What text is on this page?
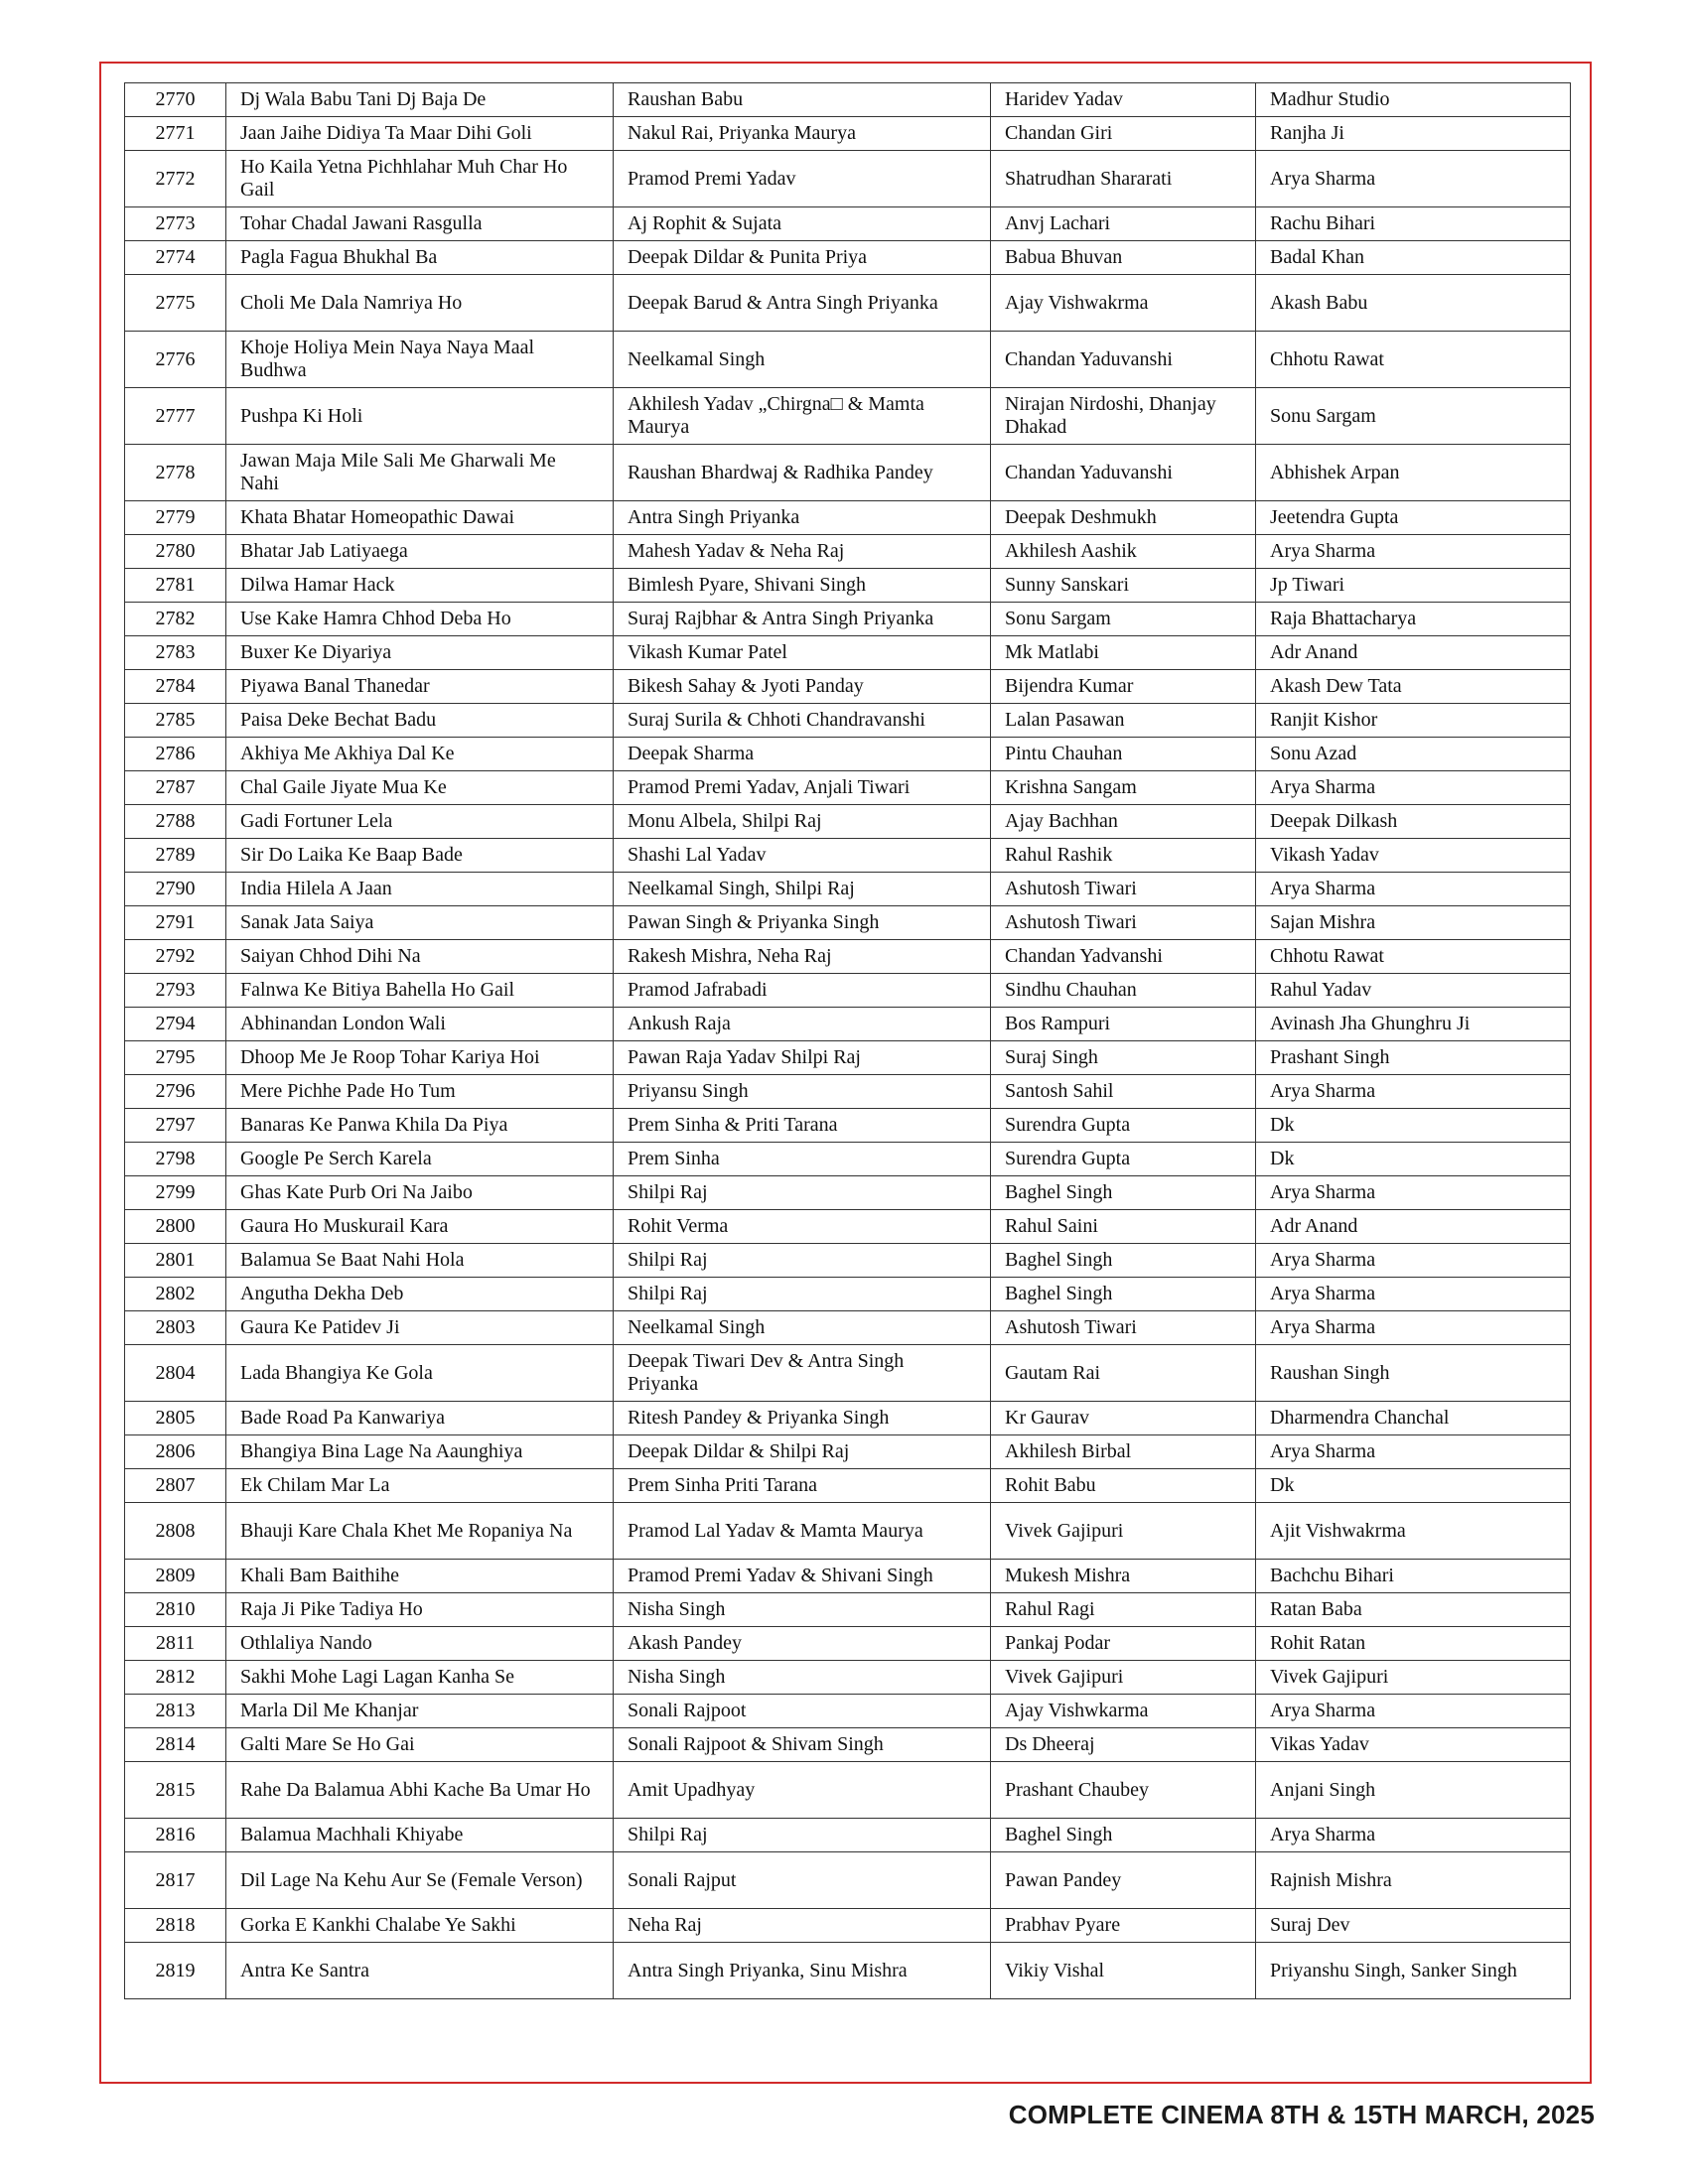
2770	Dj Wala Babu Tani Dj Baja De	Raushan Babu	Haridev Yadav	Madhur Studio
2771	Jaan Jaihe Didiya Ta Maar Dihi Goli	Nakul Rai, Priyanka Maurya	Chandan Giri	Ranjha Ji
2772	Ho Kaila Yetna Pichhlahar Muh Char Ho Gail	Pramod Premi Yadav	Shatrudhan Shararati	Arya Sharma
2773	Tohar Chadal Jawani Rasgulla	Aj Rophit & Sujata	Anvj Lachari	Rachu Bihari
2774	Pagla Fagua Bhukhal Ba	Deepak Dildar & Punita Priya	Babua Bhuvan	Badal Khan
2775	Choli Me Dala Namriya Ho	Deepak Barud & Antra Singh Priyanka	Ajay Vishwakrma	Akash Babu
2776	Khoje Holiya Mein Naya Naya Maal Budhwa	Neelkamal Singh	Chandan Yaduvanshi	Chhotu Rawat
2777	Pushpa Ki Holi	Akhilesh Yadav „Chirgna□ & Mamta Maurya	Nirajan Nirdoshi, Dhanjay Dhakad	Sonu Sargam
2778	Jawan Maja Mile Sali Me Gharwali Me Nahi	Raushan Bhardwaj & Radhika Pandey	Chandan Yaduvanshi	Abhishek Arpan
2779	Khata Bhatar Homeopathic Dawai	Antra Singh Priyanka	Deepak Deshmukh	Jeetendra Gupta
2780	Bhatar Jab Latiyaega	Mahesh Yadav & Neha Raj	Akhilesh Aashik	Arya Sharma
2781	Dilwa Hamar Hack	Bimlesh Pyare, Shivani Singh	Sunny Sanskari	Jp Tiwari
2782	Use Kake Hamra Chhod Deba Ho	Suraj Rajbhar & Antra Singh Priyanka	Sonu Sargam	Raja Bhattacharya
2783	Buxer Ke Diyariya	Vikash Kumar Patel	Mk Matlabi	Adr Anand
2784	Piyawa Banal Thanedar	Bikesh Sahay & Jyoti Panday	Bijendra Kumar	Akash Dew Tata
2785	Paisa Deke Bechat Badu	Suraj Surila & Chhoti Chandravanshi	Lalan Pasawan	Ranjit Kishor
2786	Akhiya Me Akhiya Dal Ke	Deepak Sharma	Pintu Chauhan	Sonu Azad
2787	Chal Gaile Jiyate Mua Ke	Pramod Premi Yadav, Anjali Tiwari	Krishna Sangam	Arya Sharma
2788	Gadi Fortuner Lela	Monu Albela, Shilpi Raj	Ajay Bachhan	Deepak Dilkash
2789	Sir Do Laika Ke Baap Bade	Shashi Lal Yadav	Rahul Rashik	Vikash Yadav
2790	India Hilela A Jaan	Neelkamal Singh, Shilpi Raj	Ashutosh Tiwari	Arya Sharma
2791	Sanak Jata Saiya	Pawan Singh & Priyanka Singh	Ashutosh Tiwari	Sajan Mishra
2792	Saiyan Chhod Dihi Na	Rakesh Mishra, Neha Raj	Chandan Yadvanshi	Chhotu Rawat
2793	Falnwa Ke Bitiya Bahella Ho Gail	Pramod Jafrabadi	Sindhu Chauhan	Rahul Yadav
2794	Abhinandan London Wali	Ankush Raja	Bos Rampuri	Avinash Jha Ghunghru Ji
2795	Dhoop Me Je Roop Tohar Kariya Hoi	Pawan Raja Yadav Shilpi Raj	Suraj Singh	Prashant Singh
2796	Mere Pichhe Pade Ho Tum	Priyansu Singh	Santosh Sahil	Arya Sharma
2797	Banaras Ke Panwa Khila Da Piya	Prem Sinha & Priti Tarana	Surendra Gupta	Dk
2798	Google Pe Serch Karela	Prem Sinha	Surendra Gupta	Dk
2799	Ghas Kate Purb Ori Na Jaibo	Shilpi Raj	Baghel Singh	Arya Sharma
2800	Gaura Ho Muskurail Kara	Rohit Verma	Rahul Saini	Adr Anand
2801	Balamua Se Baat Nahi Hola	Shilpi Raj	Baghel Singh	Arya Sharma
2802	Angutha Dekha Deb	Shilpi Raj	Baghel Singh	Arya Sharma
2803	Gaura Ke Patidev Ji	Neelkamal Singh	Ashutosh Tiwari	Arya Sharma
2804	Lada Bhangiya Ke Gola	Deepak Tiwari Dev & Antra Singh Priyanka	Gautam Rai	Raushan Singh
2805	Bade Road Pa Kanwariya	Ritesh Pandey & Priyanka Singh	Kr Gaurav	Dharmendra Chanchal
2806	Bhangiya Bina Lage Na Aaunghiya	Deepak Dildar & Shilpi Raj	Akhilesh Birbal	Arya Sharma
2807	Ek Chilam Mar La	Prem Sinha Priti Tarana	Rohit Babu	Dk
2808	Bhauji Kare Chala Khet Me Ropaniya Na	Pramod Lal Yadav & Mamta Maurya	Vivek Gajipuri	Ajit Vishwakrma
2809	Khali Bam Baithihe	Pramod Premi Yadav & Shivani Singh	Mukesh Mishra	Bachchu Bihari
2810	Raja Ji Pike Tadiya Ho	Nisha Singh	Rahul Ragi	Ratan Baba
2811	Othlaliya Nando	Akash Pandey	Pankaj Podar	Rohit Ratan
2812	Sakhi Mohe Lagi Lagan Kanha Se	Nisha Singh	Vivek Gajipuri	Vivek Gajipuri
2813	Marla Dil Me Khanjar	Sonali Rajpoot	Ajay Vishwkarma	Arya Sharma
2814	Galti Mare Se Ho Gai	Sonali Rajpoot & Shivam Singh	Ds Dheeraj	Vikas Yadav
2815	Rahe Da Balamua Abhi Kache Ba Umar Ho	Amit Upadhyay	Prashant Chaubey	Anjani Singh
2816	Balamua Machhali Khiyabe	Shilpi Raj	Baghel Singh	Arya Sharma
2817	Dil Lage Na Kehu Aur Se (Female Verson)	Sonali Rajput	Pawan Pandey	Rajnish Mishra
2818	Gorka E Kankhi Chalabe Ye Sakhi	Neha Raj	Prabhav Pyare	Suraj Dev
2819	Antra Ke Santra	Antra Singh Priyanka, Sinu Mishra	Vikiy Vishal	Priyanshu Singh, Sanker Singh
COMPLETE CINEMA 8TH & 15TH MARCH, 2025
